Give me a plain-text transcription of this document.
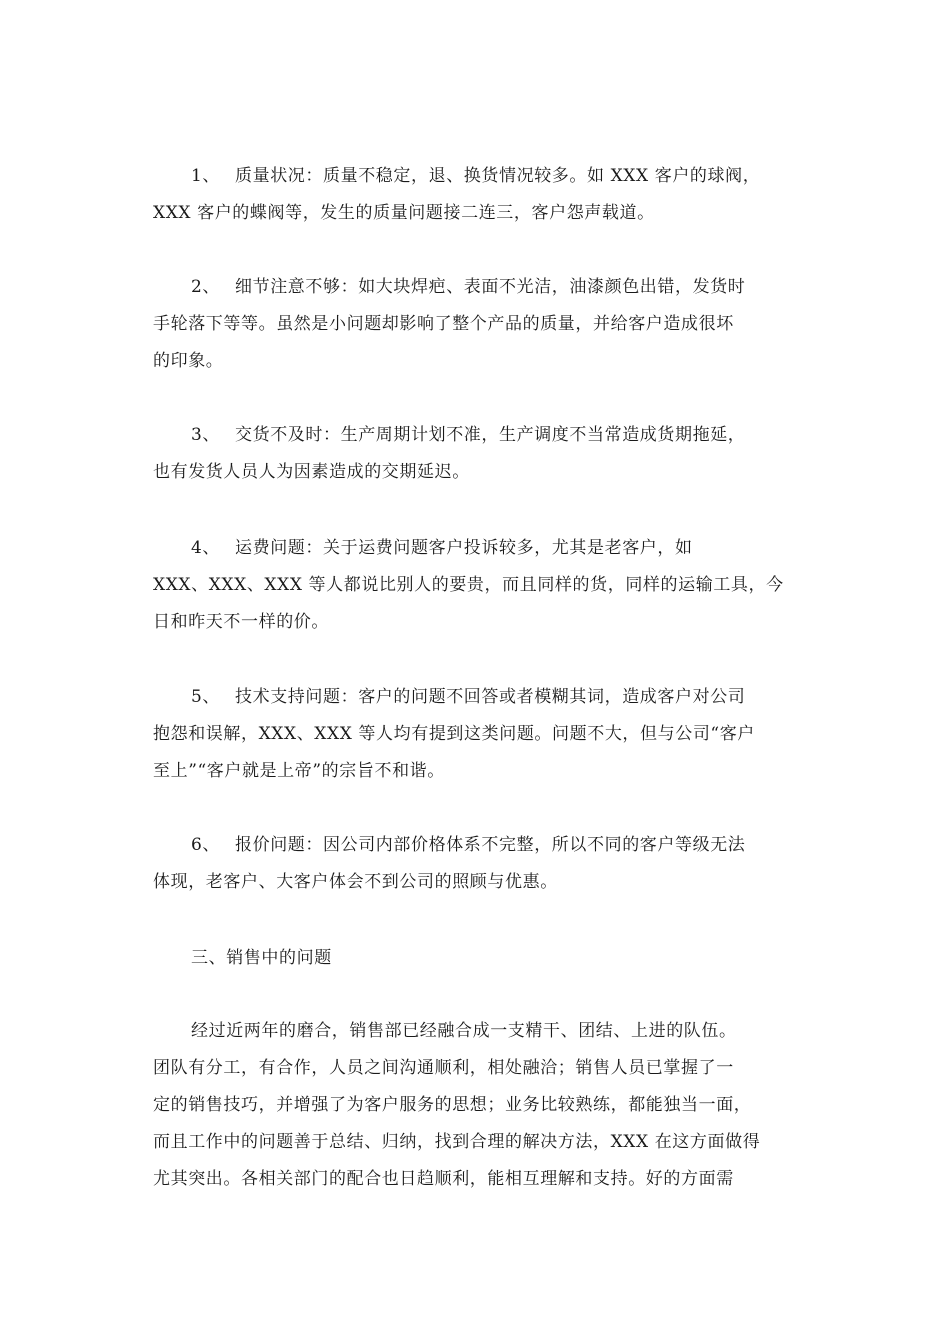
1、 质量状况：质量不稳定，退、换货情况较多。如 XXX 客户的球阀，
XXX 客户的蝶阀等，发生的质量问题接二连三，客户怨声载道。
2、 细节注意不够：如大块焊疤、表面不光洁，油漆颜色出错，发货时
手轮落下等等。虽然是小问题却影响了整个产品的质量，并给客户造成很坏
的印象。
3、 交货不及时：生产周期计划不准，生产调度不当常造成货期拖延，
也有发货人员人为因素造成的交期延迟。
4、 运费问题：关于运费问题客户投诉较多，尤其是老客户，如
XXX、XXX、XXX 等人都说比别人的要贵，而且同样的货，同样的运输工具，今
日和昨天不一样的价。
5、 技术支持问题：客户的问题不回答或者模糊其词，造成客户对公司
抱怨和误解，XXX、XXX 等人均有提到这类问题。问题不大，但与公司“客户
至上”“客户就是上帝”的宗旨不和谐。
6、 报价问题：因公司内部价格体系不完整，所以不同的客户等级无法
体现，老客户、大客户体会不到公司的照顾与优惠。
三、销售中的问题
经过近两年的磨合，销售部已经融合成一支精干、团结、上进的队伍。
团队有分工，有合作，人员之间沟通顺利，相处融洽；销售人员已掌握了一
定的销售技巧，并增强了为客户服务的思想；业务比较熟练，都能独当一面，
而且工作中的问题善于总结、归纳，找到合理的解决方法，XXX 在这方面做得
尤其突出。各相关部门的配合也日趋顺利，能相互理解和支持。好的方面需
